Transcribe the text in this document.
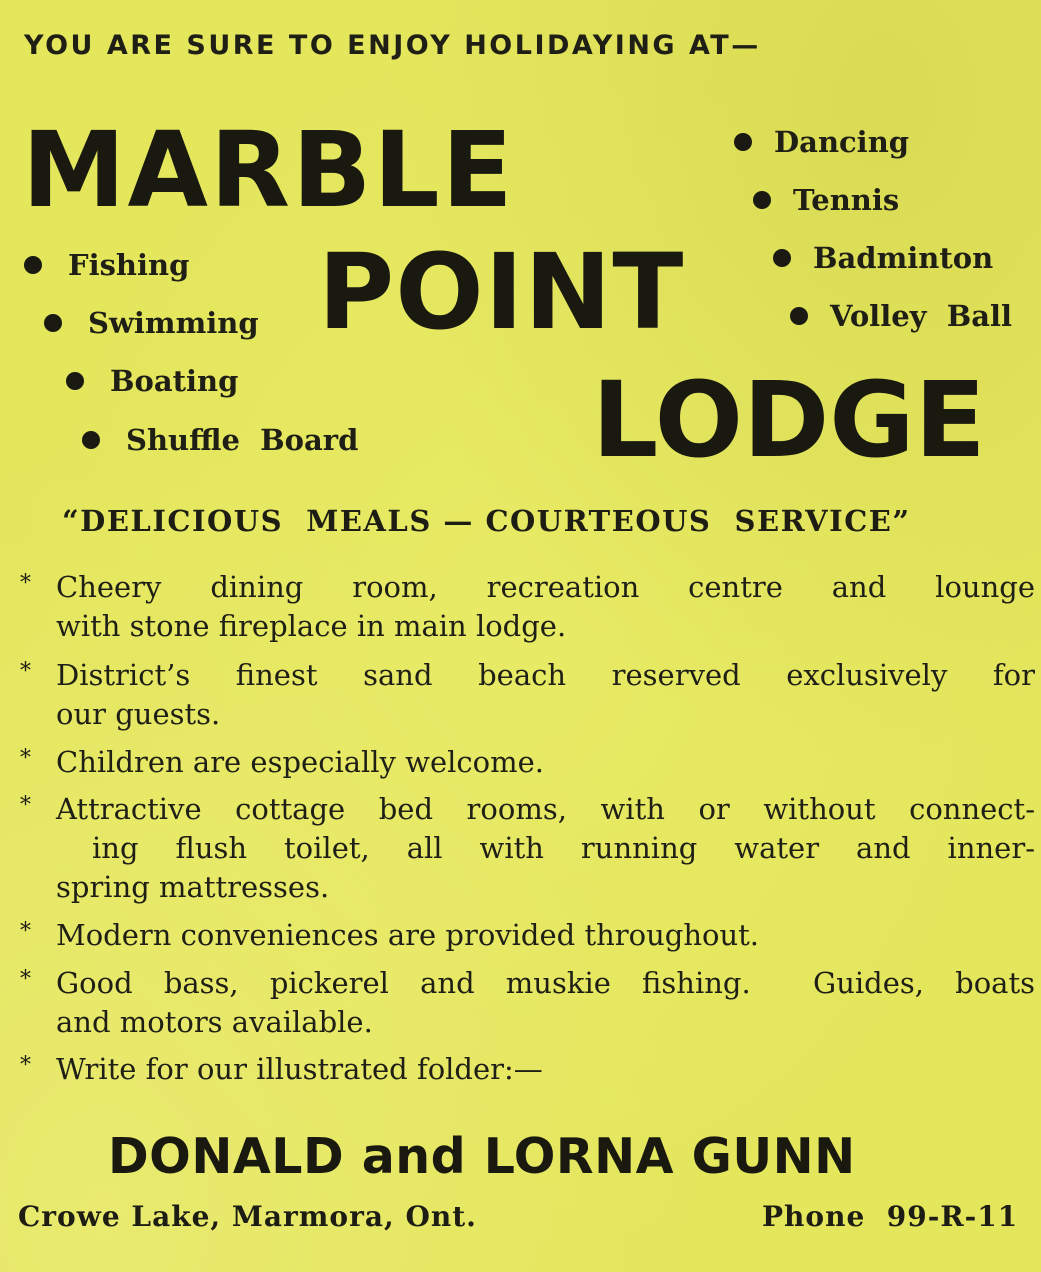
YOU ARE SURE TO ENJOY HOLIDAYING AT—
MARBLE
POINT
LODGE
Fishing
Swimming
Boating
Shuffle  Board
Dancing
Tennis
Badminton
Volley  Ball
“DELICIOUS  MEALS — COURTEOUS  SERVICE”
* Cheery dining room, recreation centre and lounge
with stone fireplace in main lodge.
* District’s finest sand beach reserved exclusively for
our guests.
* Children are especially welcome.
* Attractive cottage bed rooms, with or without connect-
ing flush toilet, all with running water and inner-
spring mattresses.
* Modern conveniences are provided throughout.
* Good bass, pickerel and muskie fishing.  Guides, boats
and motors available.
* Write for our illustrated folder:—
DONALD and LORNA GUNN
Crowe Lake, Marmora, Ont.	Phone  99-R-11
